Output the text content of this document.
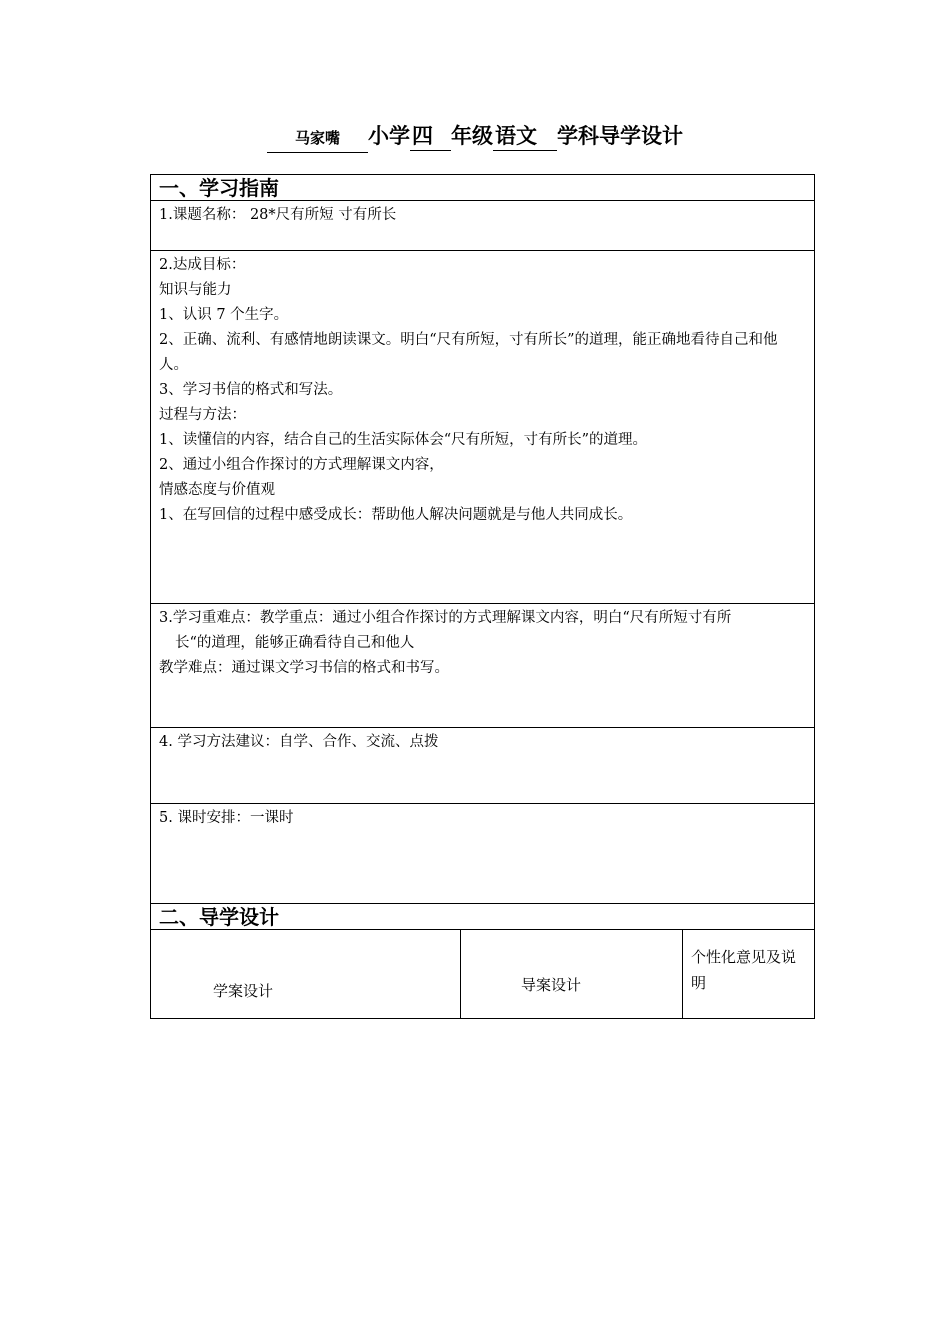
马家嘴 小学四 年级语文 学科导学设计
一、学习指南
1.课题名称： 28*尺有所短 寸有所长
2.达成目标：
知识与能力
1、认识 7 个生字。
2、正确、流利、有感情地朗读课文。明白“尺有所短，寸有所长”的道理，能正确地看待自己和他人。
3、学习书信的格式和写法。
过程与方法：
1、读懂信的内容，结合自己的生活实际体会“尺有所短，寸有所长”的道理。
2、通过小组合作探讨的方式理解课文内容，
情感态度与价值观
1、在写回信的过程中感受成长：帮助他人解决问题就是与他人共同成长。
3.学习重难点：教学重点：通过小组合作探讨的方式理解课文内容，明白“尺有所短寸有所
长“的道理，能够正确看待自己和他人
教学难点：通过课文学习书信的格式和书写。
4. 学习方法建议：自学、合作、交流、点拨
5. 课时安排：一课时
二、导学设计
学案设计	导案设计
个性化意见及说明
